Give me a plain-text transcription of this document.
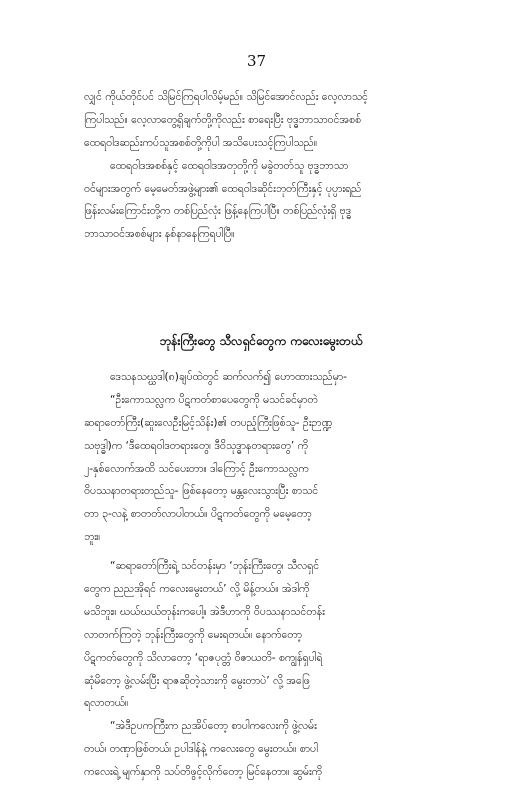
37
လျှင် ကိုယ်တိုင်ပင် သိမြင်ကြရပါလိမ့်မည်။ သိမြင်အောင်လည်း လေ့လာသင့်
ကြပါသည်။ လေ့လာတွေ့ရှိချက်တို့ကိုလည်း စာရေးပြီး ဗုဒ္ဓဘာသာဝင်အစစ်
ထေရဝါဒဆည်းကပ်သူအစစ်တို့ကိုပါ အသိပေးသင့်ကြပါသည်။
ထေရဝါဒအစစ်နှင့် ထေရဝါဒအတုတို့ကို မခွဲတတ်သူ ဗုဒ္ဓဘာသာ
ဝင်များအတွက် မေ့မေတ်အဖွဲ့များ၏ ထေရဝါဒဆိုင်းဘုတ်ကြီးနှင့် ပုပ္ပားရည်
ဖြန်းလမ်းကြောင်းတို့က တစ်ပြည်လုံး ဖြန့်နေကြပါပြီ။ တစ်ပြည်လုံးရှိ ဗုဒ္ဓ
ဘာသာဝင်အစစ်များ နစ်နာနေကြရပါပြီ။
ဘုန်းကြီးတွေ သီလရှင်တွေက ကလေးမွေးတယ်
ဒေသနသဃ္ဃဒါ(၈)ချပ်ထဲတွင် ဆက်လက်၍ ဟောထားသည်မှာ-
“ဦးကောသလ္လက ပိဋကတ်စာပေတွေကို မသင်ခင်မှာတဲ
ဆရာတော်ကြီး(ဆူးလေဦးမြင့်သိန်း)၏ တပည့်ကြီးဖြစ်သူ- ဦးဉာဏ္ဍ
သဗုဒ္ဓါ)က ‘ဒီထေရဝါဒတရားတွေ၊ ဒီဝိသုဒ္ဓာနတရားတွေ’ ကို
၂-နှစ်လောက်အထိ သင်ပေးတာ။ ဒါကြောင့် ဦးကောသလ္လက
ဝိပဿနာတရားတည်သူ- ဖြစ်နေတော့ မန္တလေးသွားပြီး စာသင်
တာ ၃-လနဲ့ စာတတ်လာပါတယ်။ ပိဋကတ်တွေကို မမေ့တော့
ဘူး။
“ဆရာတော်ကြီးရဲ့ သင်တန်းမှာ ‘ဘုန်းကြီးတွေ၊ သီလရှင်
တွေက ညညအိုရင် ကလေးမွေးတယ်’ လို့ မိန့်တယ်။ အဲဒါကို
မသိဘူး။ ဃယ်ဃယ်တုန်းကပေါ့။ အဲဒီဟာကို ဝိပဿနာသင်တန်း
လာတက်ကြတဲ့ ဘုန်းကြီးတွေကို မေးရတယ်။ နောက်တော့
ပိဋကတ်တွေကို သိလာတော့ ‘ရာဇပုတ္တံ ဝိဇာယတိ- စကျွန်ရှပါရဲ
ဆုံမိတော့ ဖွဲ့လမ်းပြီး ရာဇဆိုတဲ့သားကို မွေးတာပဲ’ လို့ အဖြေ
ရလာတယ်။
“အဲဒီဥပကကြီးက ညအိပ်တော့ စာပါကလေးကို ဖွဲ့လမ်း
တယ်၊ တဏှာဖြစ်တယ်၊ ဥပါဒါန်နဲ့ ကလေးတွေ မွေးတယ်။ စာပါ
ကလေးရဲ့ မျက်နှာကို သပ်တိဖွင့်လိုက်တော့ မြင်နေတာ။ ဆွမ်းကို
